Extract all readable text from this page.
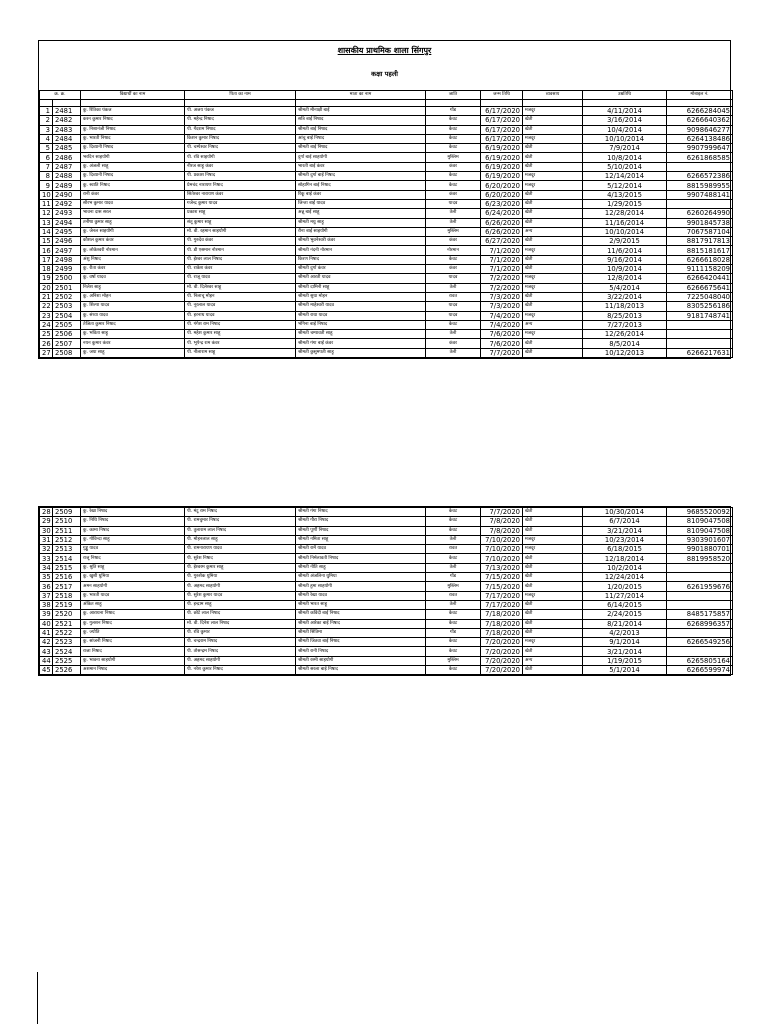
शासकीय प्राथमिक शाला सिंगपुर
कक्षा पहली
क्र. क्र.		विद्यार्थी का नाम	पिता का नाम	माता का नाम	जाति	जन्म तिथि	व्यवसाय	उम्रतिथि	मोबाइल नं.

1	2481	कु. रितिका पंकज	पी. अजय पंकज	श्रीमती मीनाक्षी बाई	गोंड	6/17/2020	मजदूर	4/11/2014	6266284045
2	2482	करन कुमार निषाद	पी. महेन्द्र निषाद	सत्रि बाई निषाद	केवट	6/17/2020	खेती	3/16/2014	6266640362
3	2483	कु. निशानंजी निषाद	पी. गेंदराम निषाद	श्रीमती बाई निषाद	केवट	6/17/2020	खेती	10/4/2014	9098646277
4	2484	कु. भारती निषाद	किशन कुमार निषाद	आंचु बाई निषाद	केवट	6/17/2020	मजदूर	10/10/2014	6264138486
5	2485	कु. दिव्यानी निषाद	पी. चम्पेश्वर निषाद	श्रीमती बाई निषाद	केवट	6/19/2020	खेती	7/9/2014	9907999647
6	2486	भरदिन साहयोगी	पी. रवि साहयोगी	दुर्गा बाई साहयोगी	मुस्लिम	6/19/2020	खेती	10/8/2014	6261868585
7	2487	कु. अंजली साहू	नीरज साहू कंवर	भारती बाई कंवर	कंवर	6/19/2020	खेती	5/10/2014	
8	2488	कु. दिव्यानी निषाद	पी. प्रकाश निषाद	श्रीमती दुर्गा बाई निषाद	केवट	6/19/2020	मजदूर	12/14/2014	6266572386
9	2489	कु. स्वाति निषाद	प्रेमचंद नारायण निषाद	सोहागिन बाई निषाद	केवट	6/20/2020	मजदूर	5/12/2014	8815989955
10	2490	रानी कंवर	सितेश्वर नारायण कंवर	रिंकू बाई कंवर	कंवर	6/20/2020	खेती	4/13/2015	9907488141
11	2492	सौरभ कुमार यादव	गजेन्द्र कुमार यादव	जिन्ता बाई यादव	यादव	6/23/2020	खेती	1/29/2015	
12	2493	भावना दास सरल	प्रकाश साहू	अन्नू बाई साहू	तेली	6/24/2020	खेती	12/28/2014	6260264990
13	2494	तनीषा कुमार साहू	संतू कुमार साहू	श्रीमती मधु साहू	तेली	6/26/2020	खेती	11/16/2014	9901845738
14	2495	कु. जेनल साहयोगी	मो. वी. रहमान साहयोगी	रीना बाई साहयोगी	मुस्लिम	6/26/2020	अन्य	10/10/2014	7067587104
15	2496	कौशल कुमार कंवर	पी. गुरुदेव कंवर	श्रीमती भुवनेश्वरी कंवर	कंवर	6/27/2020	खेती	2/9/2015	8817917813
16	2497	कु. लोकेश्वरी नोरमान	पी. डी एसमान नोरमान	श्रीमती नंदनी नोरमान	नोरमान	7/1/2020	मजदूर	11/6/2014	8815181617
17	2498	अंशु निषाद	पी. ईश्वर लाल निषाद	किरण निषाद	केवट	7/1/2020	खेती	9/16/2014	6266618028
18	2499	कु. रीता कंवर	पी. राकेश कंवर	श्रीमती दुर्गा कंवर	कंवर	7/1/2020	खेती	10/9/2014	9111158209
19	2500	कु. वर्षा यादव	पी. राजू यादव	श्रीमती आरती यादव	यादव	7/2/2020	मजदूर	12/8/2014	6266420441
20	2501	निलेश साहू	मो. वी. दिलेश्वर साहू	श्रीमती दामिनी साहू	तेली	7/2/2020	मजदूर	5/4/2014	6266675641
21	2502	कु. अनिशा मोहन	पी. निलाचू मोहन	श्रीमती सुधा मोहन	रावत	7/3/2020	खेती	3/22/2014	7225048040
22	2503	कु. शिल्पा यादव	पी. नूरलाल यादव	श्रीमती माहेश्वरी यादव	यादव	7/3/2020	खेती	11/18/2013	8305256186
23	2504	कु. संध्या यादव	पी. हरनाथ यादव	श्रीमती राधा यादव	यादव	7/4/2020	मजदूर	8/25/2013	9181748741
24	2505	तेजिता कुमार निषाद	पी. गंगेश राम निषाद	भंगिना बाई निषाद	केवट	7/4/2020	अन्य	7/27/2013	
25	2506	कु. भविता साहू	पी. महेश कुमार साहू	श्रीमती चम्पावती साहू	तेली	7/6/2020	मजदूर	12/26/2014	
26	2507	नयन कुमार कंवर	पी. भूपेन्द्र राम कंवर	श्रीमती गंगा बाई कंवर	कंवर	7/6/2020	खेती	8/5/2014	
27	2508	कु. जया साहू	पी. नीलाराम साहू	श्रीमती कुसुमपती साहू	तेली	7/7/2020	खेती	10/12/2013	6266217631
28	2509	कु. रेखा निषाद	पी. मंटू राम निषाद	श्रीमती गंगा निषाद	केवट	7/7/2020	खेती	10/30/2014	9685520092
29	2510	कु. निधि निषाद	पी. रामचुमार निषाद	श्रीमती गौरा निषाद	केवट	7/8/2020	खेती	6/7/2014	8109047508
30	2511	कु. कामा निषाद	पी. तुलाराम लाल निषाद	श्रीमती पूर्णी निषाद	केवट	7/8/2020	खेती	3/21/2014	8109047508
31	2512	कु. गोविन्दा साहू	पी. मोहनलाल साहू	श्रीमती नमिता साहू	तेली	7/10/2020	मजदूर	10/23/2014	9303901607
32	2513	गुड्डू यादव	पी. रामनारायण यादव	श्रीमती रामें यादव	रावत	7/10/2020	मजदूर	6/18/2015	9901880701
33	2514	राजू निषाद	पी. सुरेश निषाद	श्रीमती निर्मलावती निषाद	केवट	7/10/2020	खेती	12/18/2014	8819958520
34	2515	कु. श्रुति साहू	पी. ईश्वरम कुमार साहू	श्रीमती नीति साहू	तेली	7/13/2020	खेती	10/2/2014	
35	2516	कु. खुशी धुमिया	पी. गुरुशेक धुमिया	श्रीमती अंजलिना धुमिया	गोंड	7/15/2020	खेती	12/24/2014	
36	2517	अमन साहयोगी	पी. अहमद साहयोगी	श्रीमती हुमा साहयोगी	मुस्लिम	7/15/2020	खेती	1/20/2015	6261959676
37	2518	कु. भारती यादव	पी. सुरेश कुमार यादव	श्रीमती रेखा यादव	रावत	7/17/2020	मजदूर	11/27/2014	
38	2519	अंकित साहू	पी. इन्द्राम साहू	श्रीमती भारत साहू	तेली	7/17/2020	खेती	6/14/2015	
39	2520	कु. आराधना निषाद	पी. छोटे लाल निषाद	श्रीमती कविंदी बाई निषाद	केवट	7/18/2020	खेती	2/24/2015	8485175857
40	2521	कु. गुलशन निषाद	मो. वी. दिनेश लाल निषाद	श्रीमती आरेका बाई निषाद	केवट	7/18/2020	खेती	8/21/2014	6268996357
41	2522	कु. ज्योति	पी. रवि कुमार	श्रीमती सितिमा	गोंड	7/18/2020	खेती	4/2/2013	
42	2523	कु. सांजनी निषाद	पी. चन्द्रराम निषाद	श्रीमती जितवा बाई निषाद	केवट	7/20/2020	मजदूर	9/1/2014	6266549256
43	2524	राजा निषाद	पी. तोसन्द्रम निषाद	श्रीमती रानी निषाद	केवट	7/20/2020	खेती	3/21/2014	
44	2525	कु. भावना साहयोगी	पी. अहमद साहयोगी	श्रीमती रश्मी साहयोगी	मुस्लिम	7/20/2020	अन्य	1/19/2015	6265805164
45	2526	अशमान निषाद	पी. नरेश कुमार निषाद	श्रीमती सरला बाई निषाद	केवट	7/20/2020	खेती	5/1/2014	6266599974
